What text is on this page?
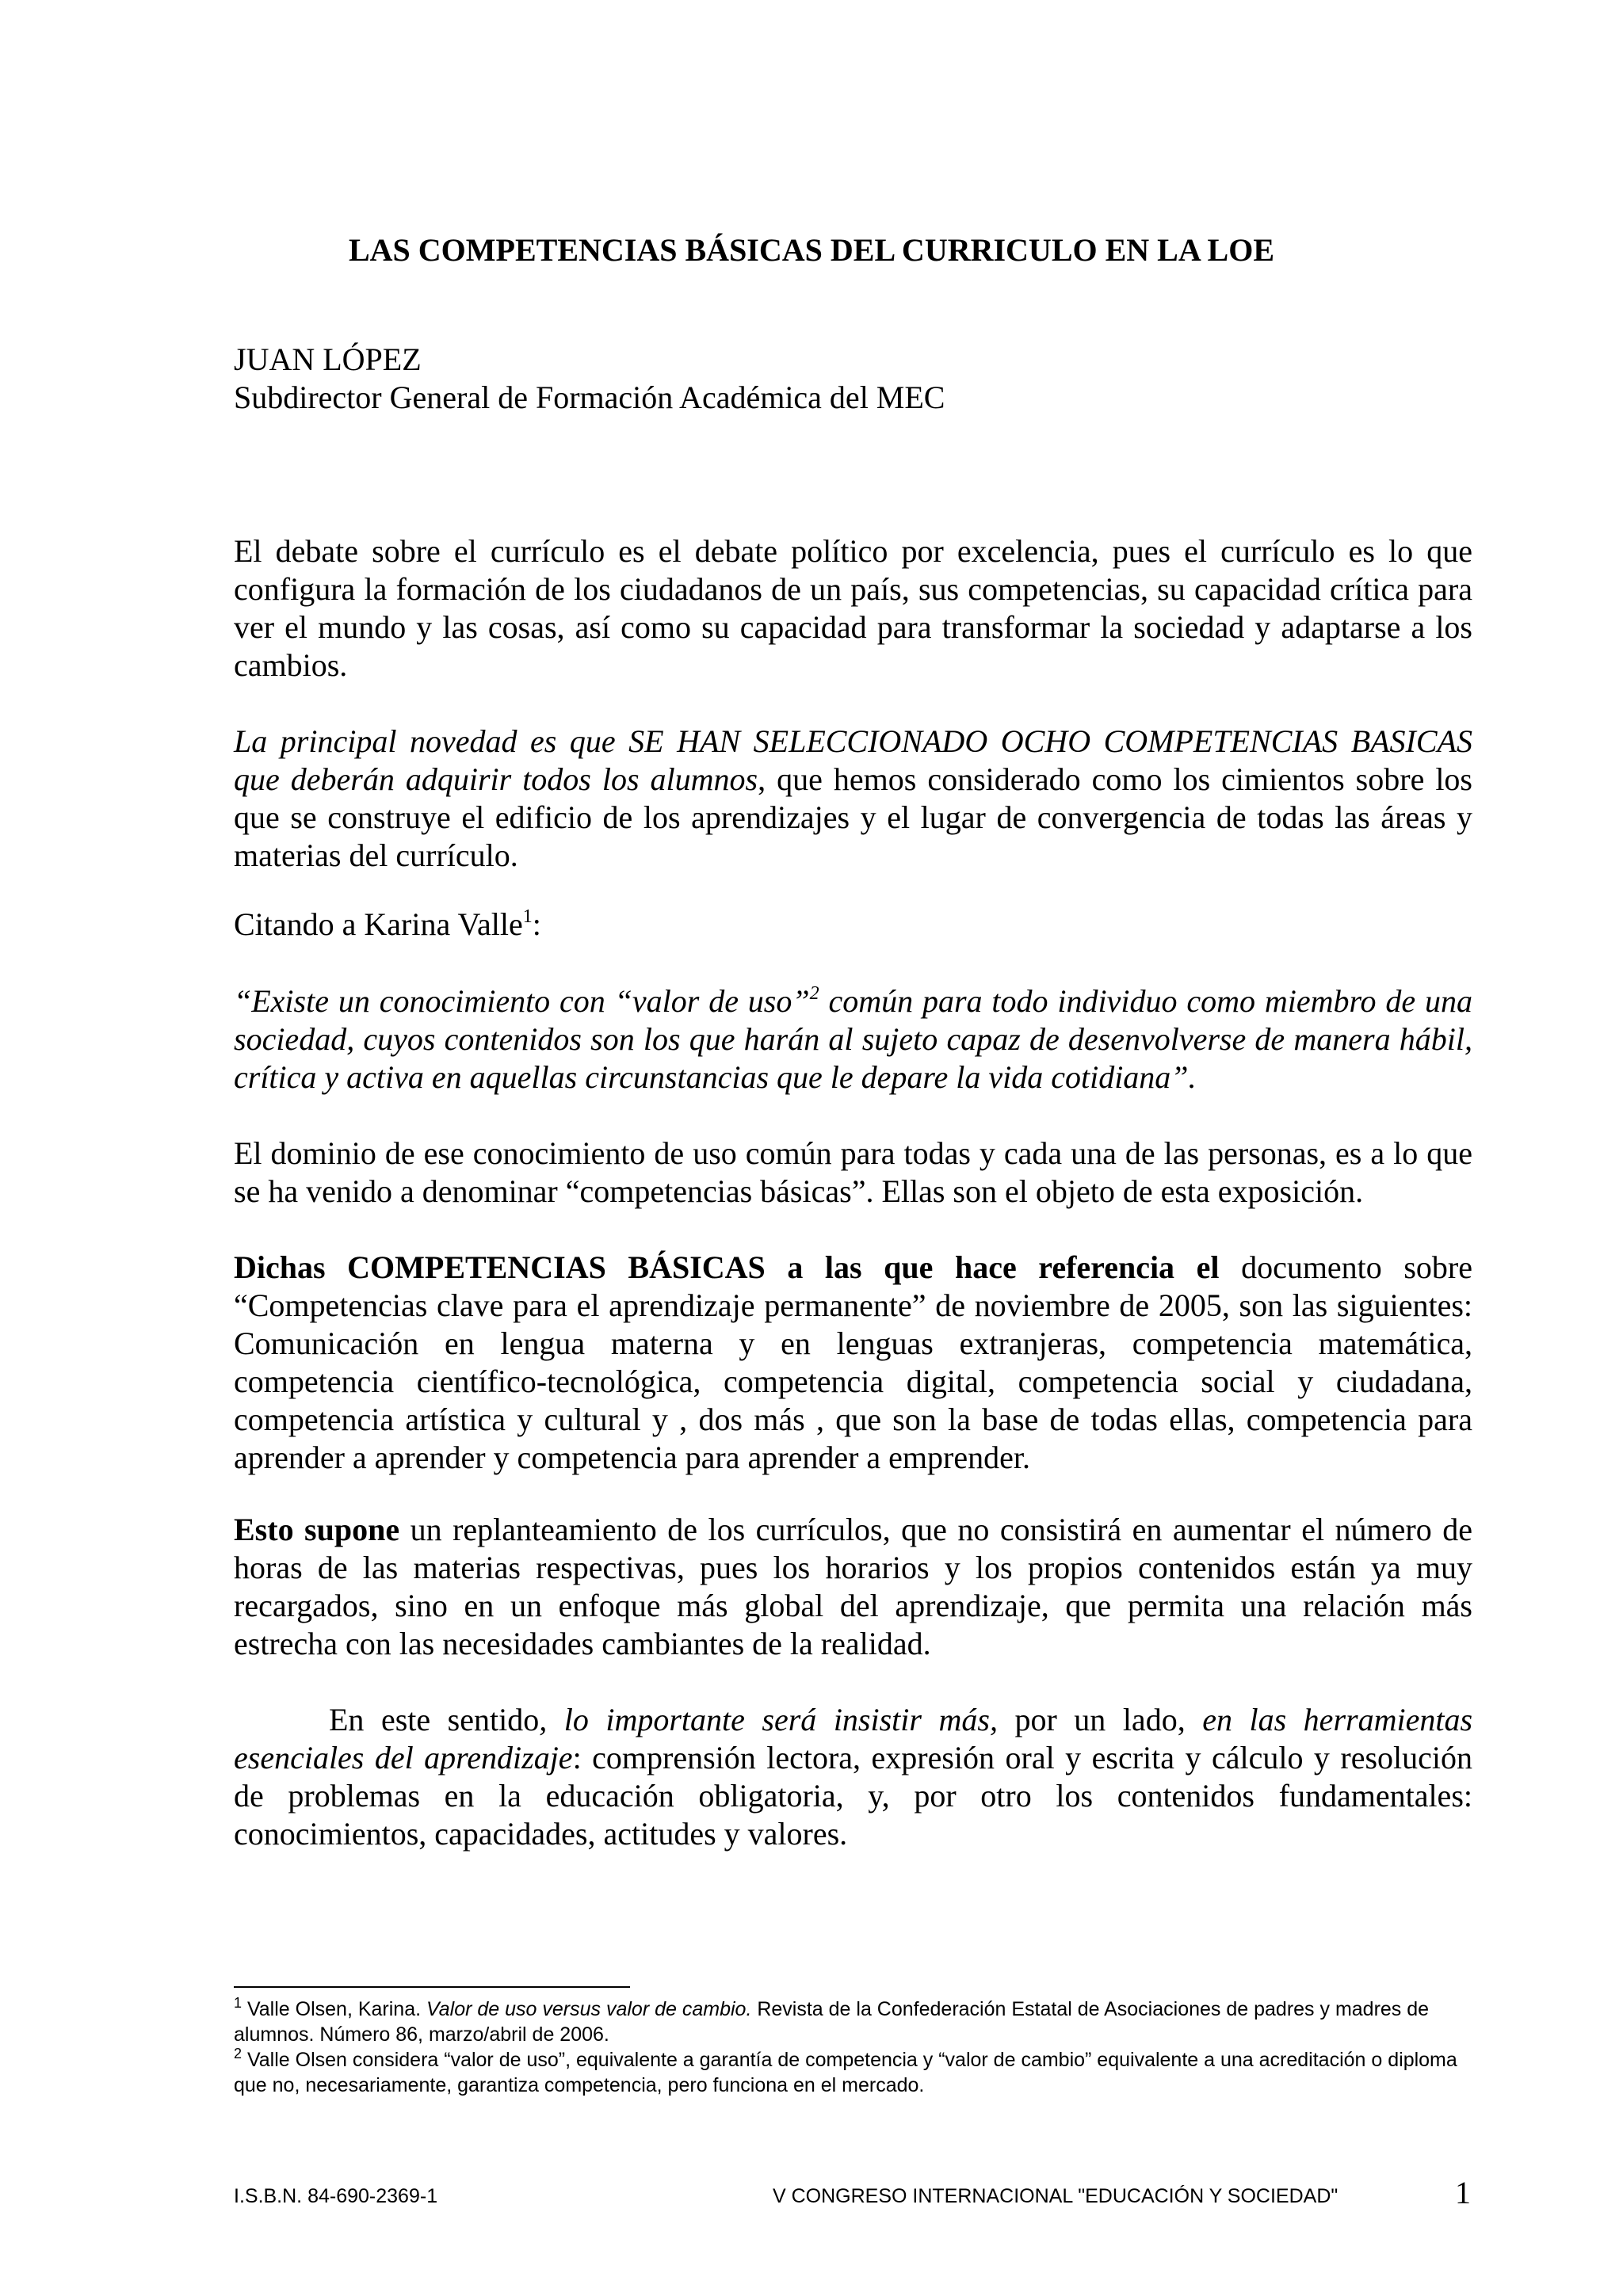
LAS COMPETENCIAS BÁSICAS DEL CURRICULO EN LA LOE
JUAN LÓPEZ
Subdirector General de Formación Académica del MEC

El debate sobre el currículo es el debate político por excelencia, pues el currículo es lo que configura la formación de los ciudadanos de un país, sus competencias, su capacidad crítica para ver el mundo y las cosas, así como su capacidad para transformar la sociedad y adaptarse a los cambios.

La principal novedad es que SE HAN SELECCIONADO OCHO COMPETENCIAS BASICAS que deberán adquirir todos los alumnos, que hemos considerado como los cimientos sobre los que se construye el edificio de los aprendizajes y el lugar de convergencia de todas las áreas y materias del currículo.

Citando a Karina Valle$^1$:

“Existe un conocimiento con “valor de uso”$^2$ común para todo individuo como miembro de una sociedad, cuyos contenidos son los que harán al sujeto capaz de desenvolverse de manera hábil, crítica y activa en aquellas circunstancias que le depare la vida cotidiana”.

El dominio de ese conocimiento de uso común para todas y cada una de las personas, es a lo que se ha venido a denominar “competencias básicas”. Ellas son el objeto de esta exposición.

Dichas COMPETENCIAS BÁSICAS a las que hace referencia el documento sobre “Competencias clave para el aprendizaje permanente” de noviembre de 2005, son las siguientes: Comunicación en lengua materna y en lenguas extranjeras, competencia matemática, competencia científico-tecnológica, competencia digital, competencia social y ciudadana, competencia artística y cultural y , dos más , que son la base de todas ellas, competencia para aprender a aprender y competencia para aprender a emprender.

Esto supone un replanteamiento de los currículos, que no consistirá en aumentar el número de horas de las materias respectivas, pues los horarios y los propios contenidos están ya muy recargados, sino en un enfoque más global del aprendizaje, que permita una relación más estrecha con las necesidades cambiantes de la realidad.

En este sentido, lo importante será insistir más, por un lado, en las herramientas esenciales del aprendizaje: comprensión lectora, expresión oral y escrita y cálculo y resolución de problemas en la educación obligatoria, y, por otro los contenidos fundamentales: conocimientos, capacidades, actitudes y valores.

$^1$ Valle Olsen, Karina. Valor de uso versus valor de cambio. Revista de la Confederación Estatal de Asociaciones de padres y madres de alumnos. Número 86, marzo/abril de 2006.

$^2$ Valle Olsen considera “valor de uso”, equivalente a garantía de competencia y “valor de cambio” equivalente a una acreditación o diploma que no, necesariamente, garantiza competencia, pero funciona en el mercado.

I.S.B.N. 84-690-2369-1	V CONGRESO INTERNACIONAL "EDUCACIÓN Y SOCIEDAD"	1
